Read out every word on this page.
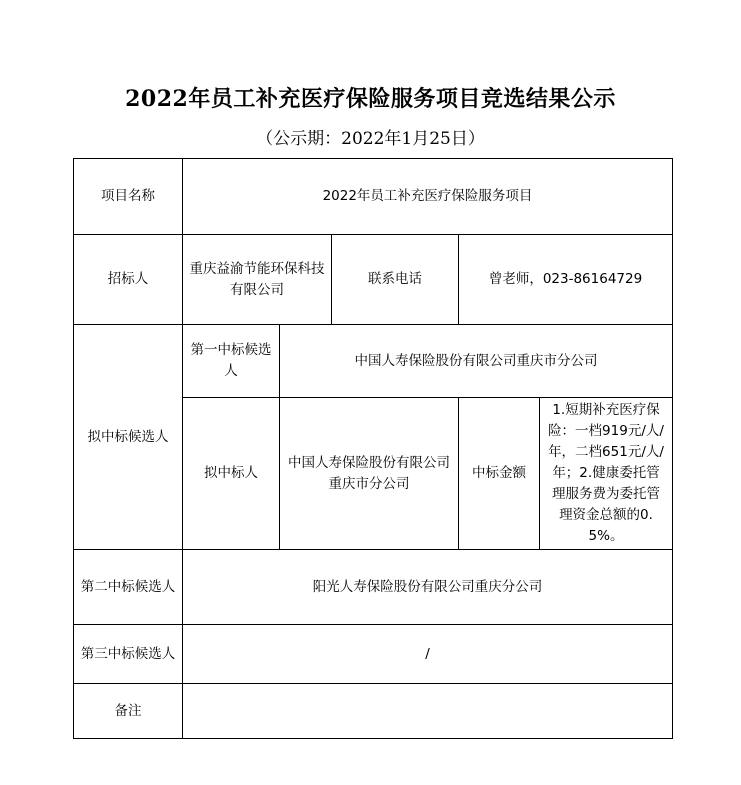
2022年员工补充医疗保险服务项目竞选结果公示
（公示期：2022年1月25日）
项目名称	2022年员工补充医疗保险服务项目				
招标人	重庆益渝节能环保科技有限公司		联系电话	曾老师，023-86164729	
拟中标候选人	第一中标候选人	中国人寿保险股份有限公司重庆市分公司			
	拟中标人	中国人寿保险股份有限公司重庆市分公司		中标金额	1.短期补充医疗保险：一档919元/人/年，二档651元/人/年；2.健康委托管理服务费为委托管理资金总额的0.5%。
第二中标候选人	阳光人寿保险股份有限公司重庆分公司				
第三中标候选人	/				
备注					
